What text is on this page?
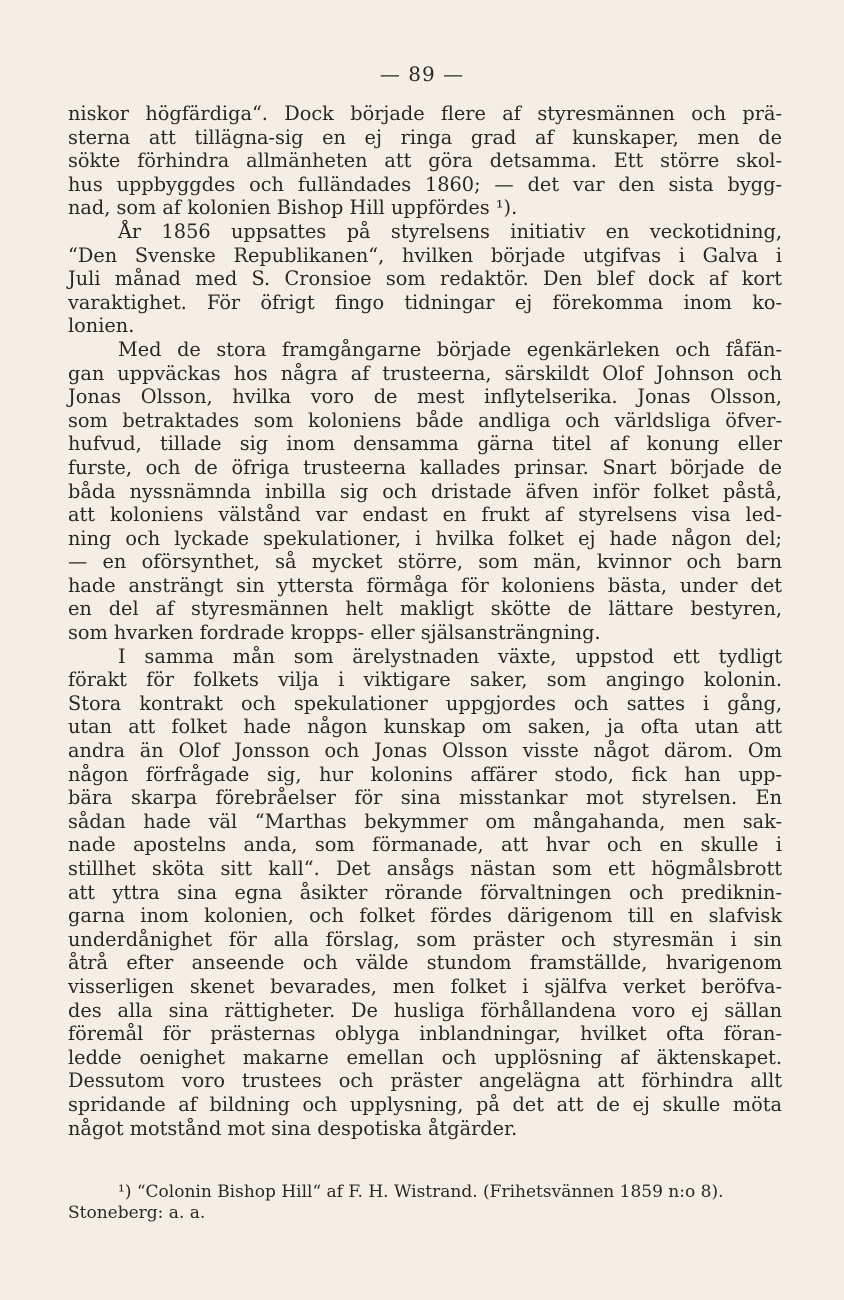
— 89 —
niskor högfärdiga“. Dock började flere af styresmännen och prä-
sterna att tillägna-sig en ej ringa grad af kunskaper, men de
sökte förhindra allmänheten att göra detsamma. Ett större skol-
hus uppbyggdes och fulländades 1860; — det var den sista bygg-
nad, som af kolonien Bishop Hill uppfördes ¹).
År 1856 uppsattes på styrelsens initiativ en veckotidning,
“Den Svenske Republikanen“, hvilken började utgifvas i Galva i
Juli månad med S. Cronsioe som redaktör. Den blef dock af kort
varaktighet. För öfrigt fingo tidningar ej förekomma inom ko-
lonien.
Med de stora framgångarne började egenkärleken och fåfän-
gan uppväckas hos några af trusteerna, särskildt Olof Johnson och
Jonas Olsson, hvilka voro de mest inflytelserika. Jonas Olsson,
som betraktades som koloniens både andliga och världsliga öfver-
hufvud, tillade sig inom densamma gärna titel af konung eller
furste, och de öfriga trusteerna kallades prinsar. Snart började de
båda nyssnämnda inbilla sig och dristade äfven inför folket påstå,
att koloniens välstånd var endast en frukt af styrelsens visa led-
ning och lyckade spekulationer, i hvilka folket ej hade någon del;
— en oförsynthet, så mycket större, som män, kvinnor och barn
hade ansträngt sin yttersta förmåga för koloniens bästa, under det
en del af styresmännen helt makligt skötte de lättare bestyren,
som hvarken fordrade kropps- eller själsansträngning.
I samma mån som ärelystnaden växte, uppstod ett tydligt
förakt för folkets vilja i viktigare saker, som angingo kolonin.
Stora kontrakt och spekulationer uppgjordes och sattes i gång,
utan att folket hade någon kunskap om saken, ja ofta utan att
andra än Olof Jonsson och Jonas Olsson visste något därom. Om
någon förfrågade sig, hur kolonins affärer stodo, fick han upp-
bära skarpa förebråelser för sina misstankar mot styrelsen. En
sådan hade väl “Marthas bekymmer om mångahanda, men sak-
nade apostelns anda, som förmanade, att hvar och en skulle i
stillhet sköta sitt kall“. Det ansågs nästan som ett högmålsbrott
att yttra sina egna åsikter rörande förvaltningen och prediknin-
garna inom kolonien, och folket fördes därigenom till en slafvisk
underdånighet för alla förslag, som präster och styresmän i sin
åtrå efter anseende och välde stundom framställde, hvarigenom
visserligen skenet bevarades, men folket i själfva verket beröfva-
des alla sina rättigheter. De husliga förhållandena voro ej sällan
föremål för prästernas oblyga inblandningar, hvilket ofta föran-
ledde oenighet makarne emellan och upplösning af äktenskapet.
Dessutom voro trustees och präster angelägna att förhindra allt
spridande af bildning och upplysning, på det att de ej skulle möta
något motstånd mot sina despotiska åtgärder.
¹) “Colonin Bishop Hill“ af F. H. Wistrand. (Frihetsvännen 1859 n:o 8).
Stoneberg: a. a.
